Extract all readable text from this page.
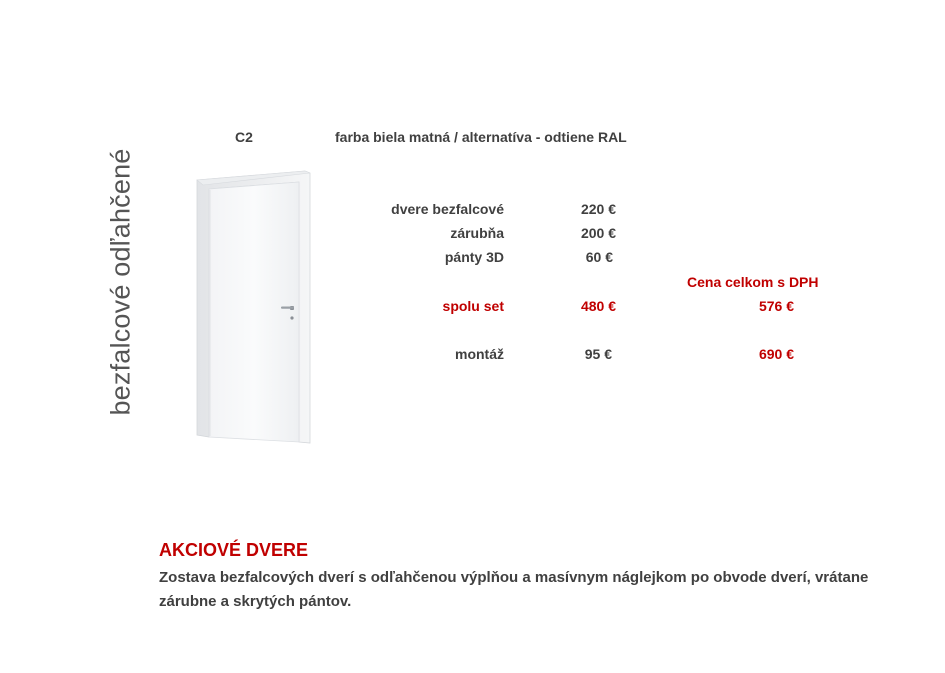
bezfalcové odľahčené
C2	farba biela matná / alternatíva - odtiene RAL
dvere bezfalcové	220 €
zárubňa	200 €
pánty 3D	60 €
Cena celkom s DPH
spolu set	480 €	576 €
montáž	95 €	690 €
AKCIOVÉ DVERE
Zostava bezfalcových dverí s odľahčenou výplňou a masívnym náglejkom po obvode dverí, vrátane zárubne a skrytých pántov.
